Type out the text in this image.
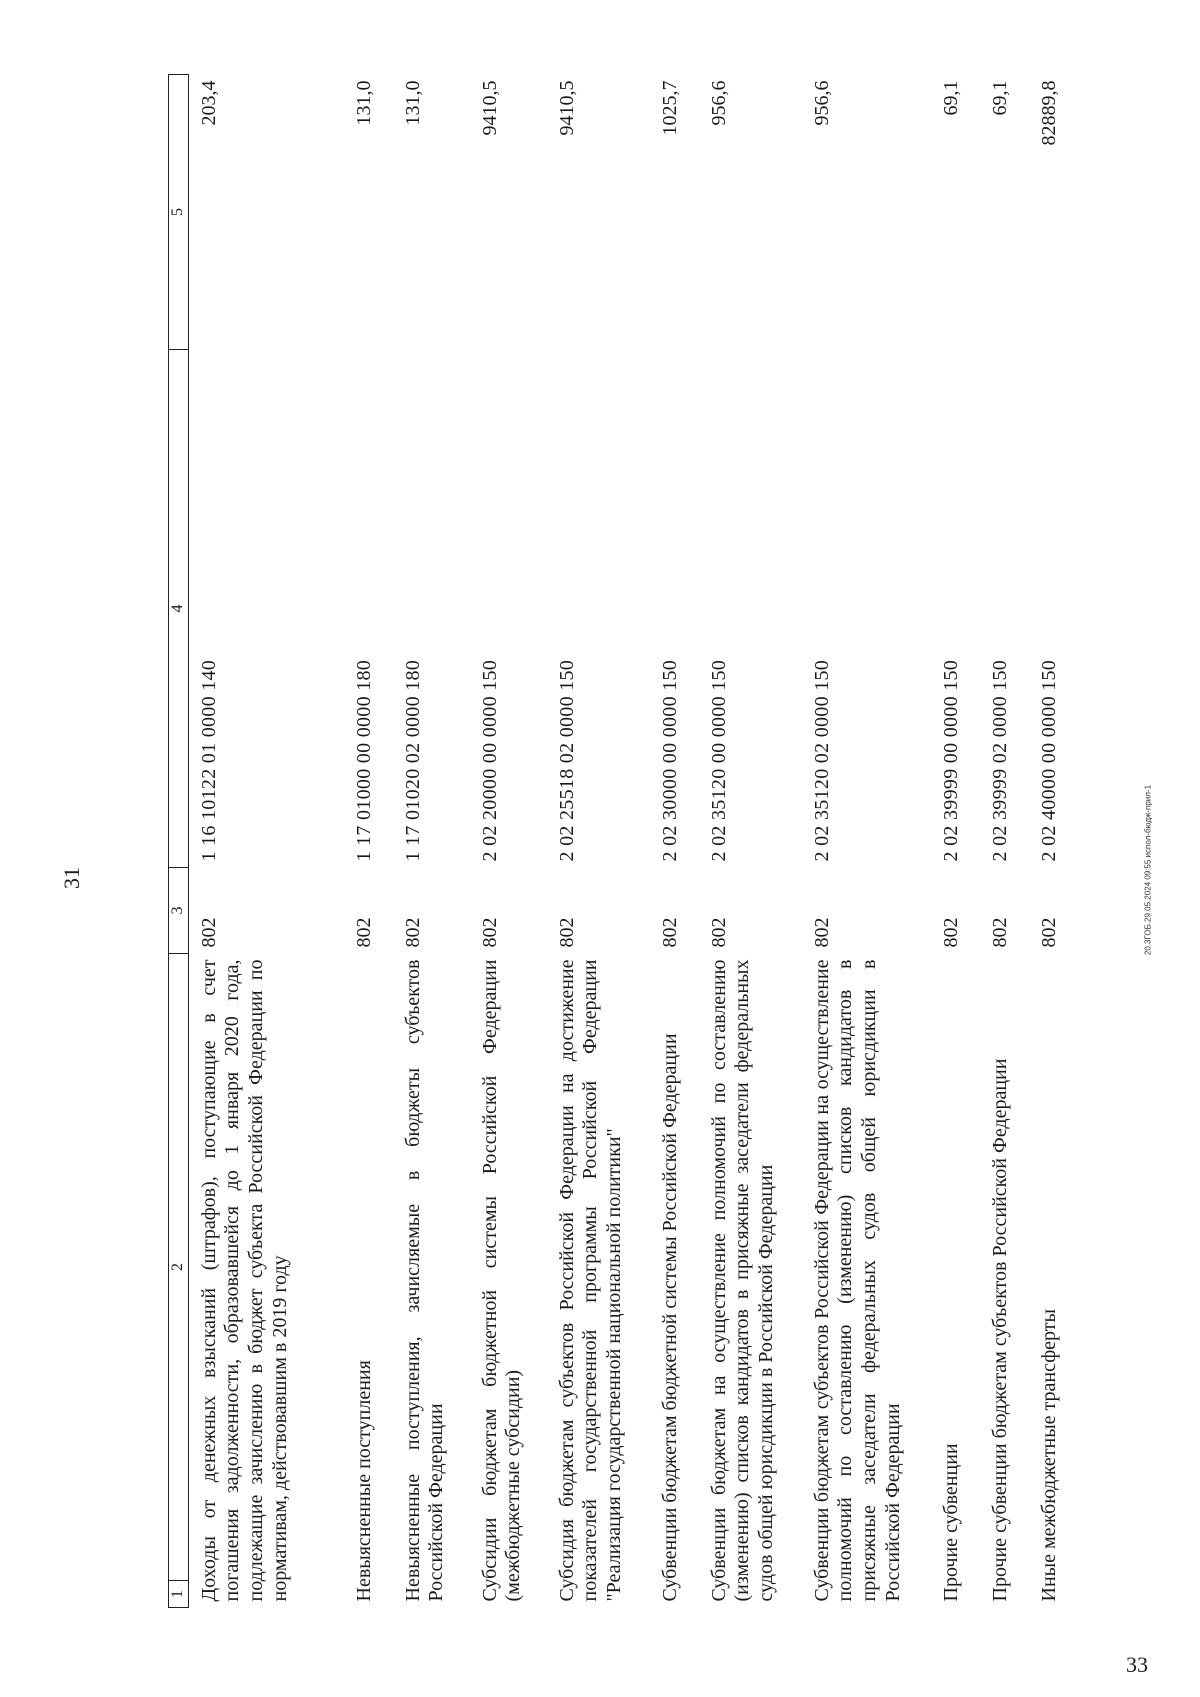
31
1	2	3	4	5
Доходы от денежных взысканий (штрафов), поступающие в счет погашения задолженности, образовавшейся до 1 января 2020 года, подлежащие зачислению в бюджет субъекта Российской Федерации по нормативам, действовавшим в 2019 году		802	1 16 10122 01 0000 140	203,4
Невыясненные поступления		802	1 17 01000 00 0000 180	131,0
Невыясненные поступления, зачисляемые в бюджеты субъектов Российской Федерации		802	1 17 01020 02 0000 180	131,0
Субсидии бюджетам бюджетной системы Российской Федерации (межбюджетные субсидии)		802	2 02 20000 00 0000 150	9410,5
Субсидия бюджетам субъектов Российской Федерации на достижение показателей государственной программы Российской Федерации "Реализация государственной национальной политики"		802	2 02 25518 02 0000 150	9410,5
Субвенции бюджетам бюджетной системы Российской Федерации		802	2 02 30000 00 0000 150	1025,7
Субвенции бюджетам на осуществление полномочий по составлению (изменению) списков кандидатов в присяжные заседатели федеральных судов общей юрисдикции в Российской Федерации		802	2 02 35120 00 0000 150	956,6
Субвенции бюджетам субъектов Российской Федерации на осуществление полномочий по составлению (изменению) списков кандидатов в присяжные заседатели федеральных судов общей юрисдикции в Российской Федерации		802	2 02 35120 02 0000 150	956,6
Прочие субвенции		802	2 02 39999 00 0000 150	69,1
Прочие субвенции бюджетам субъектов Российской Федерации		802	2 02 39999 02 0000 150	69,1
Иные межбюджетные трансферты		802	2 02 40000 00 0000 150	82889,8
20.3ГОБ.29.05.2024 09:55 испол-бюдж-прил-1
33
